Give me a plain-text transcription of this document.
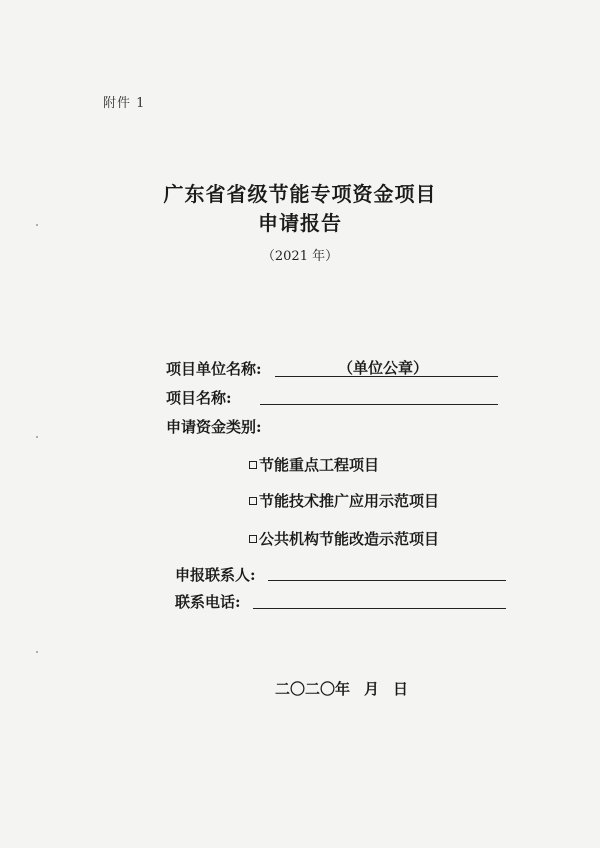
附件 1
广东省省级节能专项资金项目
申请报告
（2021 年）
项目单位名称:	（单位公章）
项目名称:
申请资金类别:
节能重点工程项目
节能技术推广应用示范项目
公共机构节能改造示范项目
申报联系人:
联系电话:
二〇二〇年 月 日
